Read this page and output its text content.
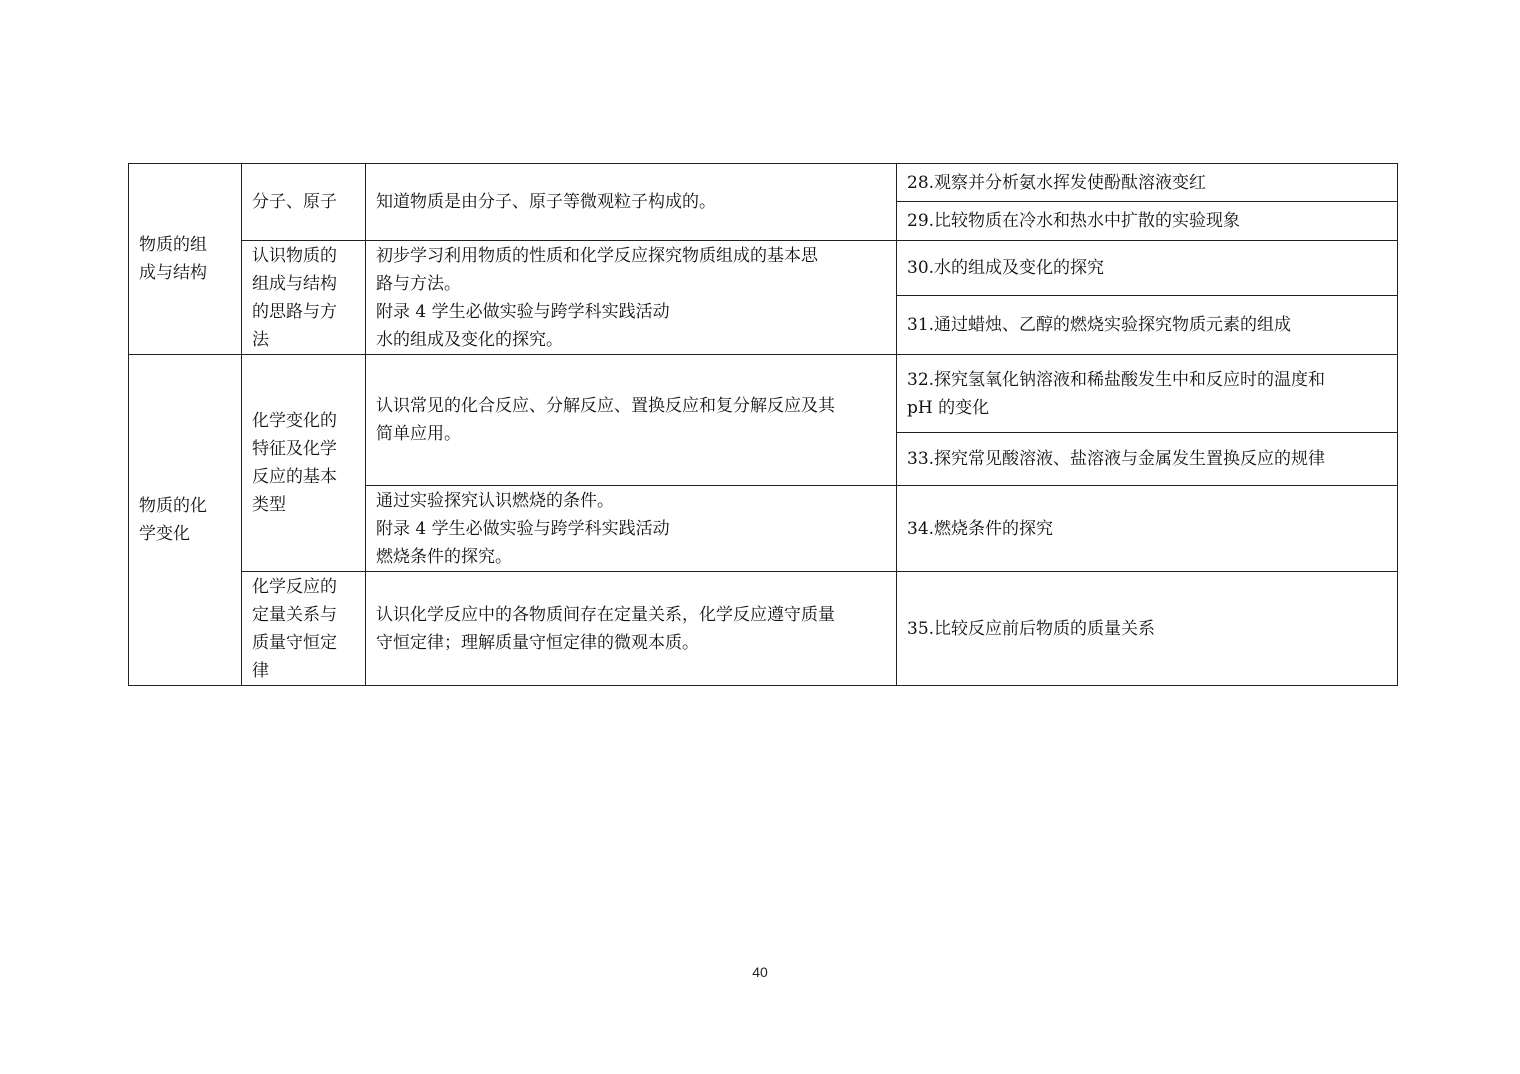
物质的组
成与结构	分子、原子	知道物质是由分子、原子等微观粒子构成的。	28.观察并分析氨水挥发使酚酞溶液变红

			29.比较物质在冷水和热水中扩散的实验现象

	认识物质的
组成与结构
的思路与方
法	初步学习利用物质的性质和化学反应探究物质组成的基本思
路与方法。
附录 4 学生必做实验与跨学科实践活动
水的组成及变化的探究。	30.水的组成及变化的探究

			31.通过蜡烛、乙醇的燃烧实验探究物质元素的组成

物质的化
学变化	化学变化的
特征及化学
反应的基本
类型	认识常见的化合反应、分解反应、置换反应和复分解反应及其
简单应用。	32.探究氢氧化钠溶液和稀盐酸发生中和反应时的温度和
pH 的变化

			33.探究常见酸溶液、盐溶液与金属发生置换反应的规律

		通过实验探究认识燃烧的条件。
附录 4 学生必做实验与跨学科实践活动
燃烧条件的探究。	34.燃烧条件的探究

	化学反应的
定量关系与
质量守恒定
律	认识化学反应中的各物质间存在定量关系，化学反应遵守质量
守恒定律；理解质量守恒定律的微观本质。	35.比较反应前后物质的质量关系
40
